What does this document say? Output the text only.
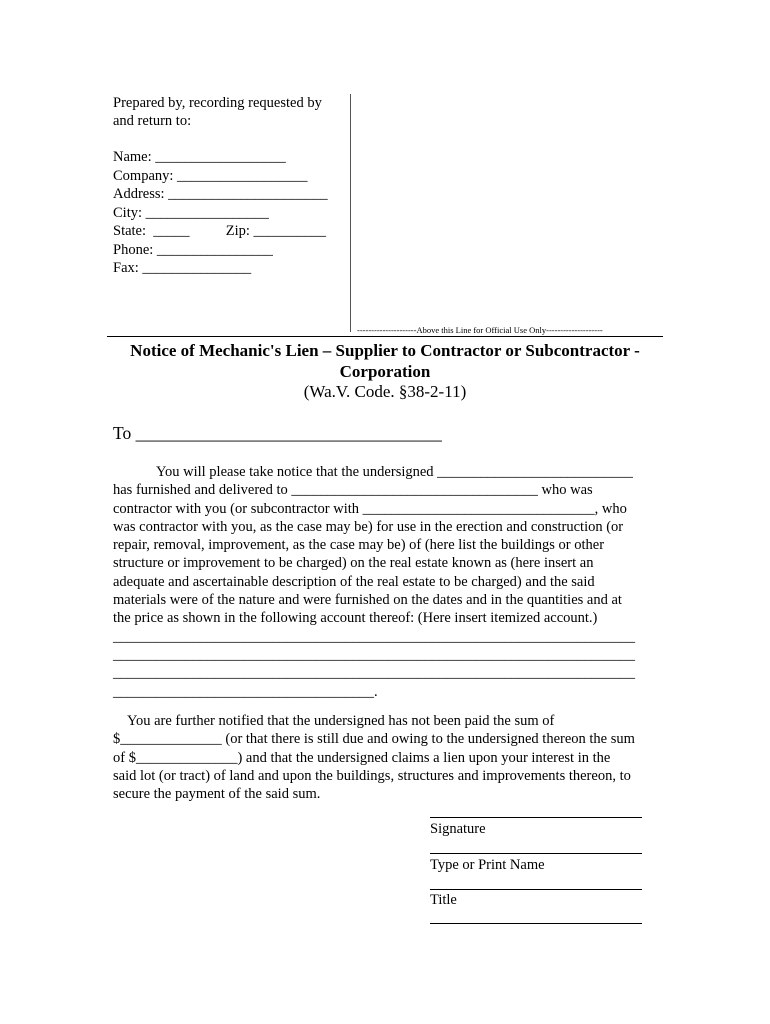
Prepared by, recording requested by
and return to:
Name: __________________
Company: __________________
Address: ______________________
City: _________________
State:  _____          Zip: __________
Phone: ________________
Fax: _______________
---------------------Above this Line for Official Use Only--------------------
Notice of Mechanic's Lien – Supplier to Contractor or Subcontractor -
Corporation
(Wa.V. Code. §38-2-11)
To ___________________________________
You will please take notice that the undersigned ___________________________
has furnished and delivered to __________________________________ who was
contractor with you (or subcontractor with ________________________________, who
was contractor with you, as the case may be) for use in the erection and construction (or
repair, removal, improvement, as the case may be) of (here list the buildings or other
structure or improvement to be charged) on the real estate known as (here insert an
adequate and ascertainable description of the real estate to be charged) and the said
materials were of the nature and were furnished on the dates and in the quantities and at
the price as shown in the following account thereof: (Here insert itemized account.)
________________________________________________________________________
________________________________________________________________________
________________________________________________________________________
____________________________________.
You are further notified that the undersigned has not been paid the sum of
$______________ (or that there is still due and owing to the undersigned thereon the sum
of $______________) and that the undersigned claims a lien upon your interest in the
said lot (or tract) of land and upon the buildings, structures and improvements thereon, to
secure the payment of the said sum.
Signature
Type or Print Name
Title
